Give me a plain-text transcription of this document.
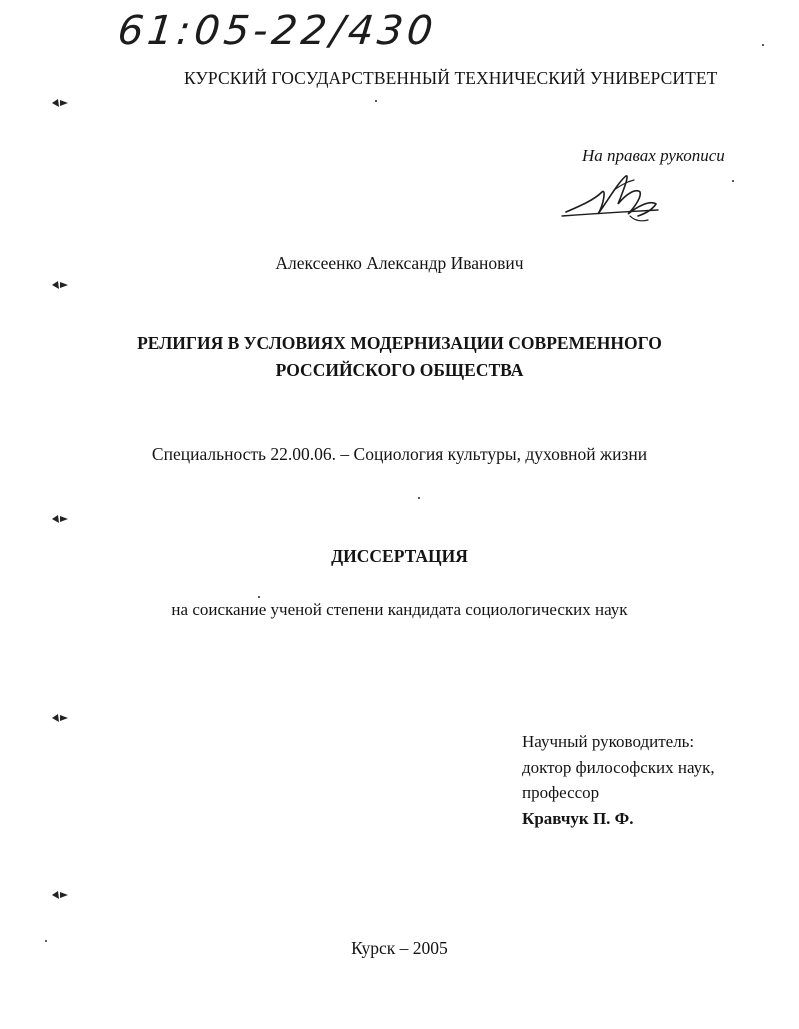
61:05-22/430
КУРСКИЙ ГОСУДАРСТВЕННЫЙ ТЕХНИЧЕСКИЙ УНИВЕРСИТЕТ
На правах рукописи
Алексеенко Александр Иванович
РЕЛИГИЯ В УСЛОВИЯХ МОДЕРНИЗАЦИИ СОВРЕМЕННОГО
РОССИЙСКОГО ОБЩЕСТВА
Специальность 22.00.06. – Социология культуры, духовной жизни
ДИССЕРТАЦИЯ
на соискание ученой степени кандидата социологических наук
Научный руководитель:
доктор философских наук,
профессор
Кравчук П. Ф.
Курск – 2005
